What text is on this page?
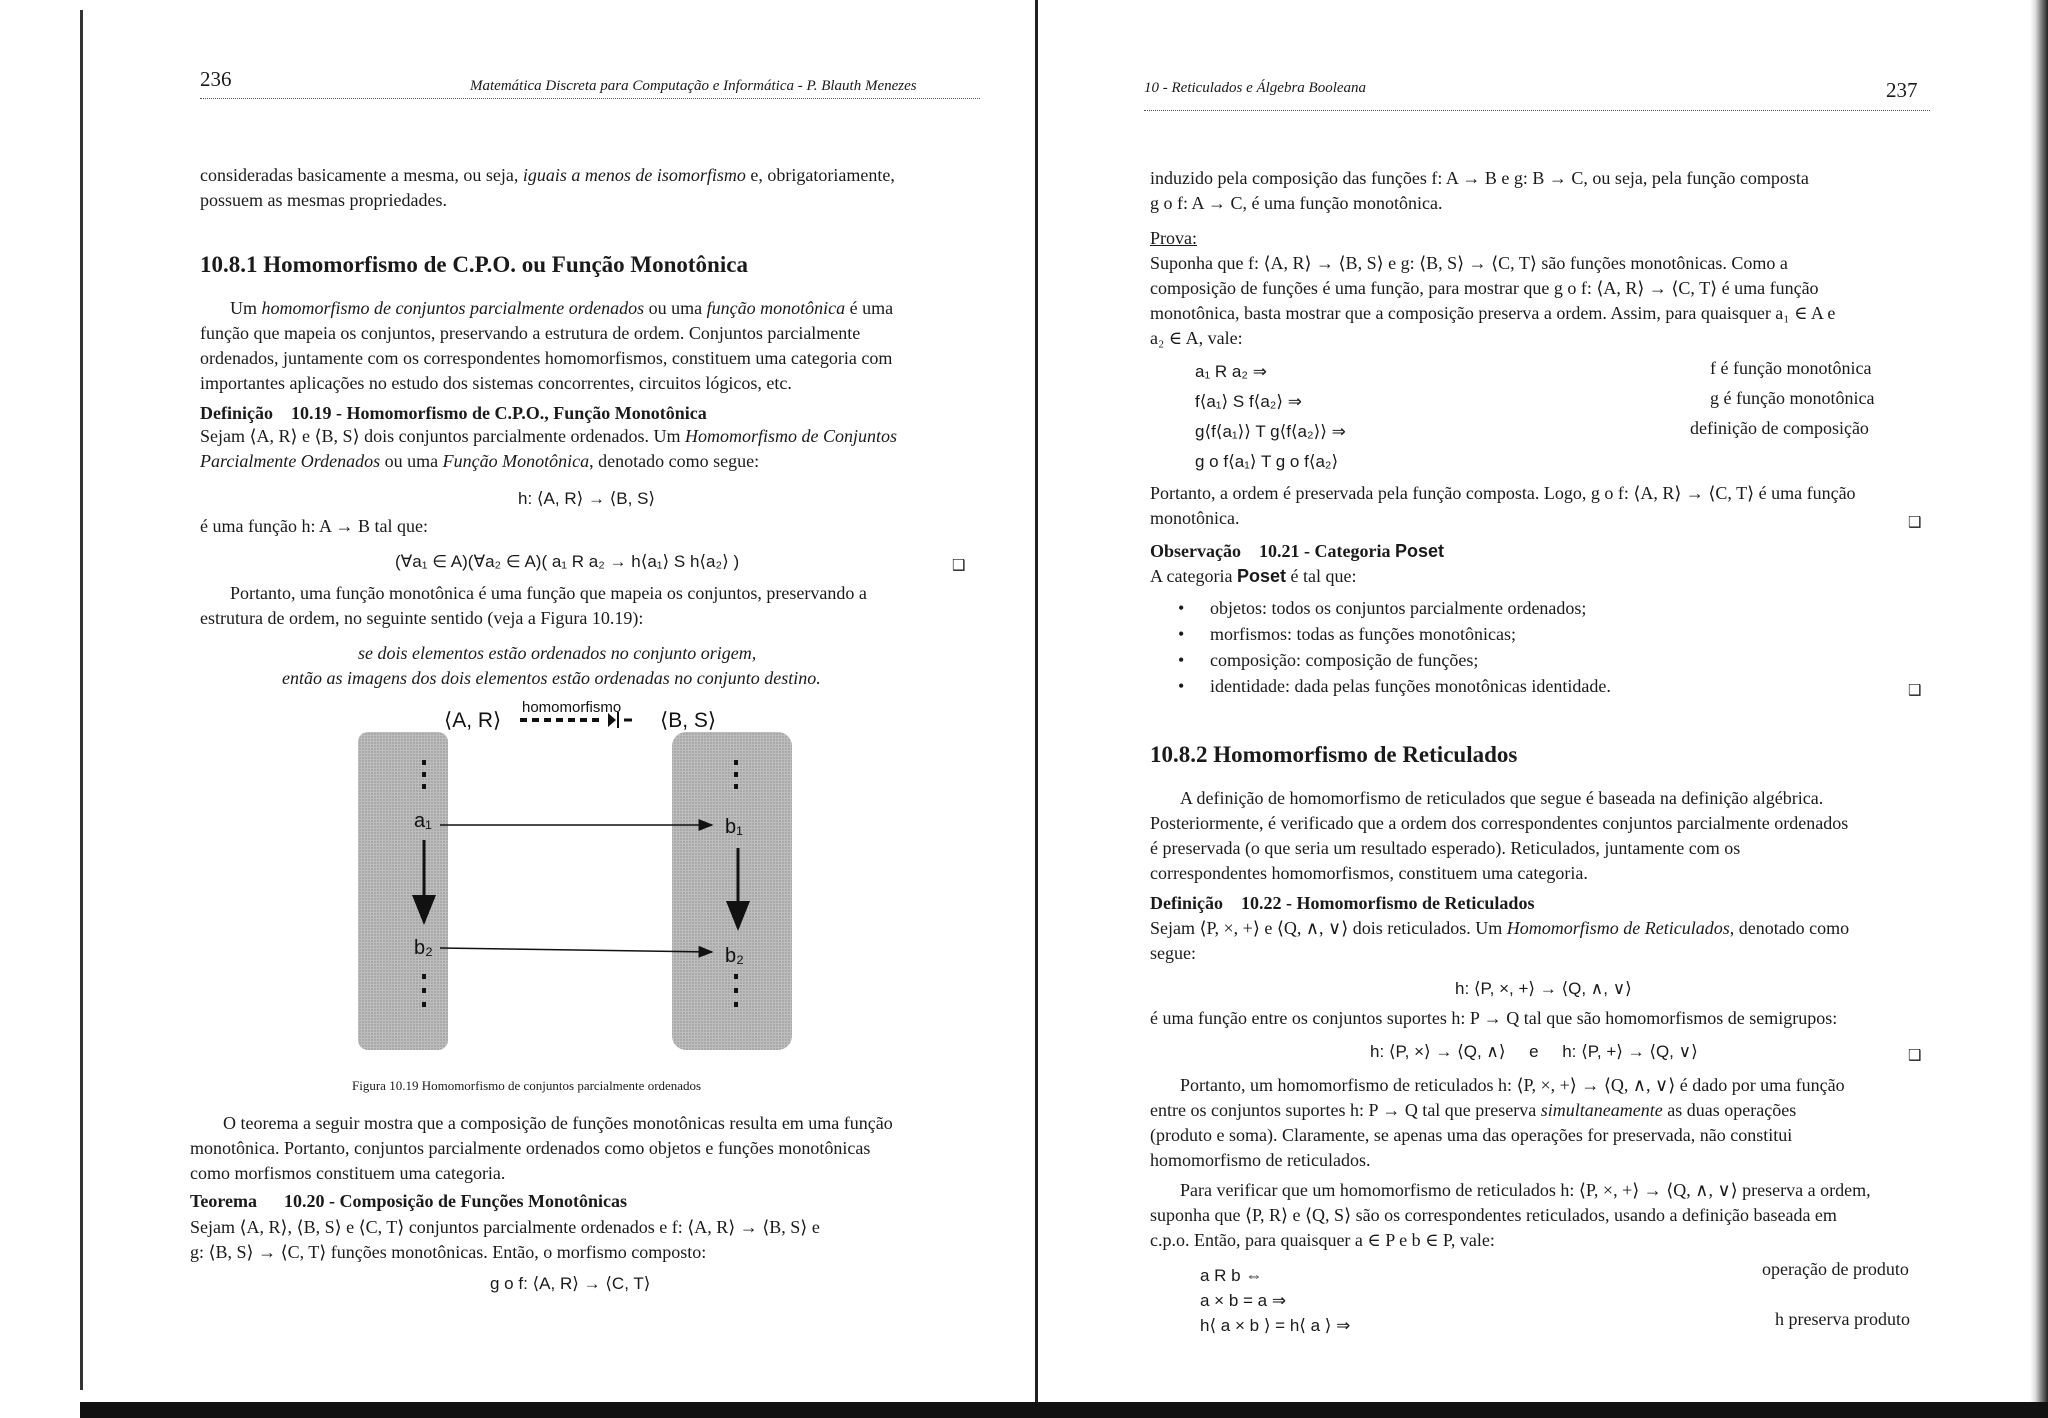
236	Matemática Discreta para Computação e Informática - P. Blauth Menezes
consideradas basicamente a mesma, ou seja, iguais a menos de isomorfismo e, obrigatoriamente,
possuem as mesmas propriedades.
10.8.1 Homomorfismo de C.P.O. ou Função Monotônica
Um homomorfismo de conjuntos parcialmente ordenados ou uma função monotônica é uma
função que mapeia os conjuntos, preservando a estrutura de ordem. Conjuntos parcialmente
ordenados, juntamente com os correspondentes homomorfismos, constituem uma categoria com
importantes aplicações no estudo dos sistemas concorrentes, circuitos lógicos, etc.
Definição 10.19 - Homomorfismo de C.P.O., Função Monotônica
Sejam ⟨A, R⟩ e ⟨B, S⟩ dois conjuntos parcialmente ordenados. Um Homomorfismo de Conjuntos
Parcialmente Ordenados ou uma Função Monotônica, denotado como segue:
h: ⟨A, R⟩ → ⟨B, S⟩
é uma função h: A → B tal que:
(∀a₁ ∈ A)(∀a₂ ∈ A)( a₁ R a₂ → h⟨a₁⟩ S h⟨a₂⟩ )	❑
Portanto, uma função monotônica é uma função que mapeia os conjuntos, preservando a
estrutura de ordem, no seguinte sentido (veja a Figura 10.19):
se dois elementos estão ordenados no conjunto origem,
então as imagens dos dois elementos estão ordenadas no conjunto destino.
⟨A, R⟩	⟨B, S⟩
homomorfismo
a₁	b₁
b₂	b₂
Figura 10.19 Homomorfismo de conjuntos parcialmente ordenados
O teorema a seguir mostra que a composição de funções monotônicas resulta em uma função
monotônica. Portanto, conjuntos parcialmente ordenados como objetos e funções monotônicas
como morfismos constituem uma categoria.
Teorema 10.20 - Composição de Funções Monotônicas
Sejam ⟨A, R⟩, ⟨B, S⟩ e ⟨C, T⟩ conjuntos parcialmente ordenados e f: ⟨A, R⟩ → ⟨B, S⟩ e
g: ⟨B, S⟩ → ⟨C, T⟩ funções monotônicas. Então, o morfismo composto:
g o f: ⟨A, R⟩ → ⟨C, T⟩
10 - Reticulados e Álgebra Booleana	237
induzido pela composição das funções f: A → B e g: B → C, ou seja, pela função composta
g o f: A → C, é uma função monotônica.
Prova:
Suponha que f: ⟨A, R⟩ → ⟨B, S⟩ e g: ⟨B, S⟩ → ⟨C, T⟩ são funções monotônicas. Como a
composição de funções é uma função, para mostrar que g o f: ⟨A, R⟩ → ⟨C, T⟩ é uma função
monotônica, basta mostrar que a composição preserva a ordem. Assim, para quaisquer a₁ ∈ A e
a₂ ∈ A, vale:
a₁ R a₂ ⇒	f é função monotônica
f⟨a₁⟩ S f⟨a₂⟩ ⇒	g é função monotônica
g⟨f⟨a₁⟩⟩ T g⟨f⟨a₂⟩⟩ ⇒	definição de composição
g o f⟨a₁⟩ T g o f⟨a₂⟩
Portanto, a ordem é preservada pela função composta. Logo, g o f: ⟨A, R⟩ → ⟨C, T⟩ é uma função
monotônica.	❑
Observação 10.21 - Categoria Poset
A categoria Poset é tal que:
• objetos: todos os conjuntos parcialmente ordenados;
• morfismos: todas as funções monotônicas;
• composição: composição de funções;
• identidade: dada pelas funções monotônicas identidade.	❑
10.8.2 Homomorfismo de Reticulados
A definição de homomorfismo de reticulados que segue é baseada na definição algébrica.
Posteriormente, é verificado que a ordem dos correspondentes conjuntos parcialmente ordenados
é preservada (o que seria um resultado esperado). Reticulados, juntamente com os
correspondentes homomorfismos, constituem uma categoria.
Definição 10.22 - Homomorfismo de Reticulados
Sejam ⟨P, ×, +⟩ e ⟨Q, ∧, ∨⟩ dois reticulados. Um Homomorfismo de Reticulados, denotado como
segue:
h: ⟨P, ×, +⟩ → ⟨Q, ∧, ∨⟩
é uma função entre os conjuntos suportes h: P → Q tal que são homomorfismos de semigrupos:
h: ⟨P, ×⟩ → ⟨Q, ∧⟩     e     h: ⟨P, +⟩ → ⟨Q, ∨⟩	❑
Portanto, um homomorfismo de reticulados h: ⟨P, ×, +⟩ → ⟨Q, ∧, ∨⟩ é dado por uma função
entre os conjuntos suportes h: P → Q tal que preserva simultaneamente as duas operações
(produto e soma). Claramente, se apenas uma das operações for preservada, não constitui
homomorfismo de reticulados.
Para verificar que um homomorfismo de reticulados h: ⟨P, ×, +⟩ → ⟨Q, ∧, ∨⟩ preserva a ordem,
suponha que ⟨P, R⟩ e ⟨Q, S⟩ são os correspondentes reticulados, usando a definição baseada em
c.p.o. Então, para quaisquer a ∈ P e b ∈ P, vale:
a R b ⇔	operação de produto
a × b = a ⇒
h⟨ a × b ⟩ = h⟨ a ⟩ ⇒	h preserva produto
